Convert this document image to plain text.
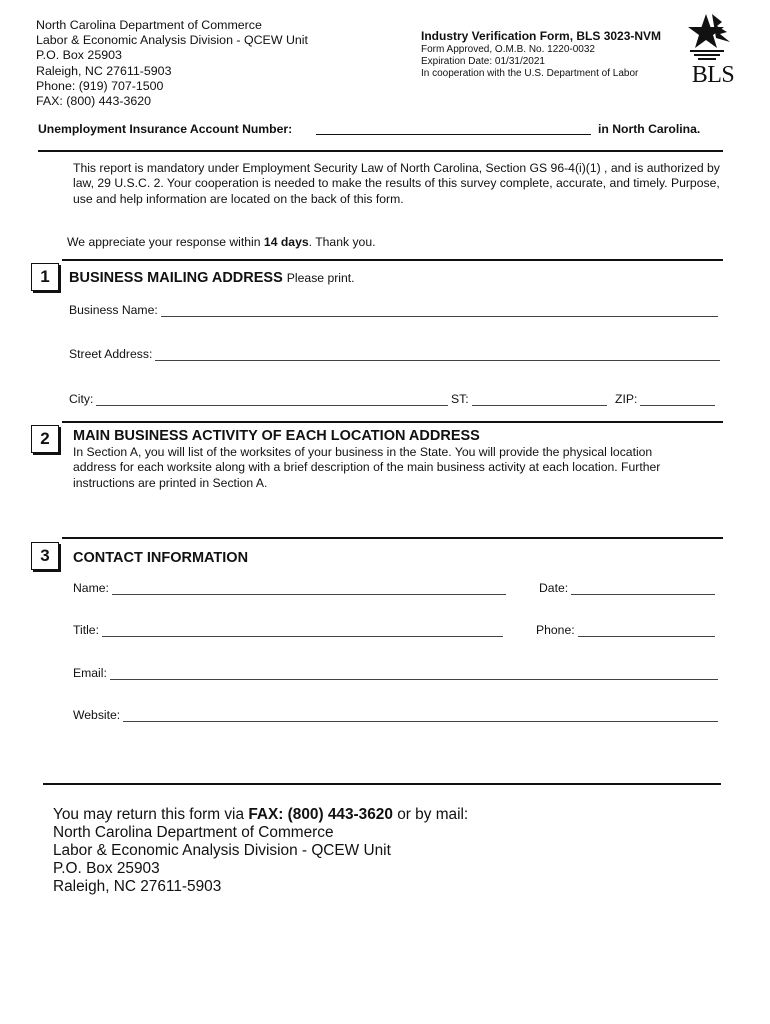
North Carolina Department of Commerce
Labor & Economic Analysis Division - QCEW Unit
P.O. Box 25903
Raleigh, NC 27611-5903
Phone: (919) 707-1500
FAX: (800) 443-3620
Industry Verification Form, BLS 3023-NVM
Form Approved, O.M.B. No. 1220-0032
Expiration Date: 01/31/2021
In cooperation with the U.S. Department of Labor BLS
Unemployment Insurance Account Number:	in North Carolina.
This report is mandatory under Employment Security Law of North Carolina, Section GS 96-4(i)(1) , and is authorized by law, 29 U.S.C. 2. Your cooperation is needed to make the results of this survey complete, accurate, and timely. Purpose, use and help information are located on the back of this form.
We appreciate your response within 14 days. Thank you.
1	BUSINESS MAILING ADDRESS Please print.
Business Name:
Street Address:
City:	ST:	ZIP:
2	MAIN BUSINESS ACTIVITY OF EACH LOCATION ADDRESS
In Section A, you will list of the worksites of your business in the State. You will provide the physical location address for each worksite along with a brief description of the main business activity at each location. Further instructions are printed in Section A.
3	CONTACT INFORMATION
Name:	Date:
Title:	Phone:
Email:
Website:
You may return this form via FAX: (800) 443-3620 or by mail:
North Carolina Department of Commerce
Labor & Economic Analysis Division - QCEW Unit
P.O. Box 25903
Raleigh, NC 27611-5903
